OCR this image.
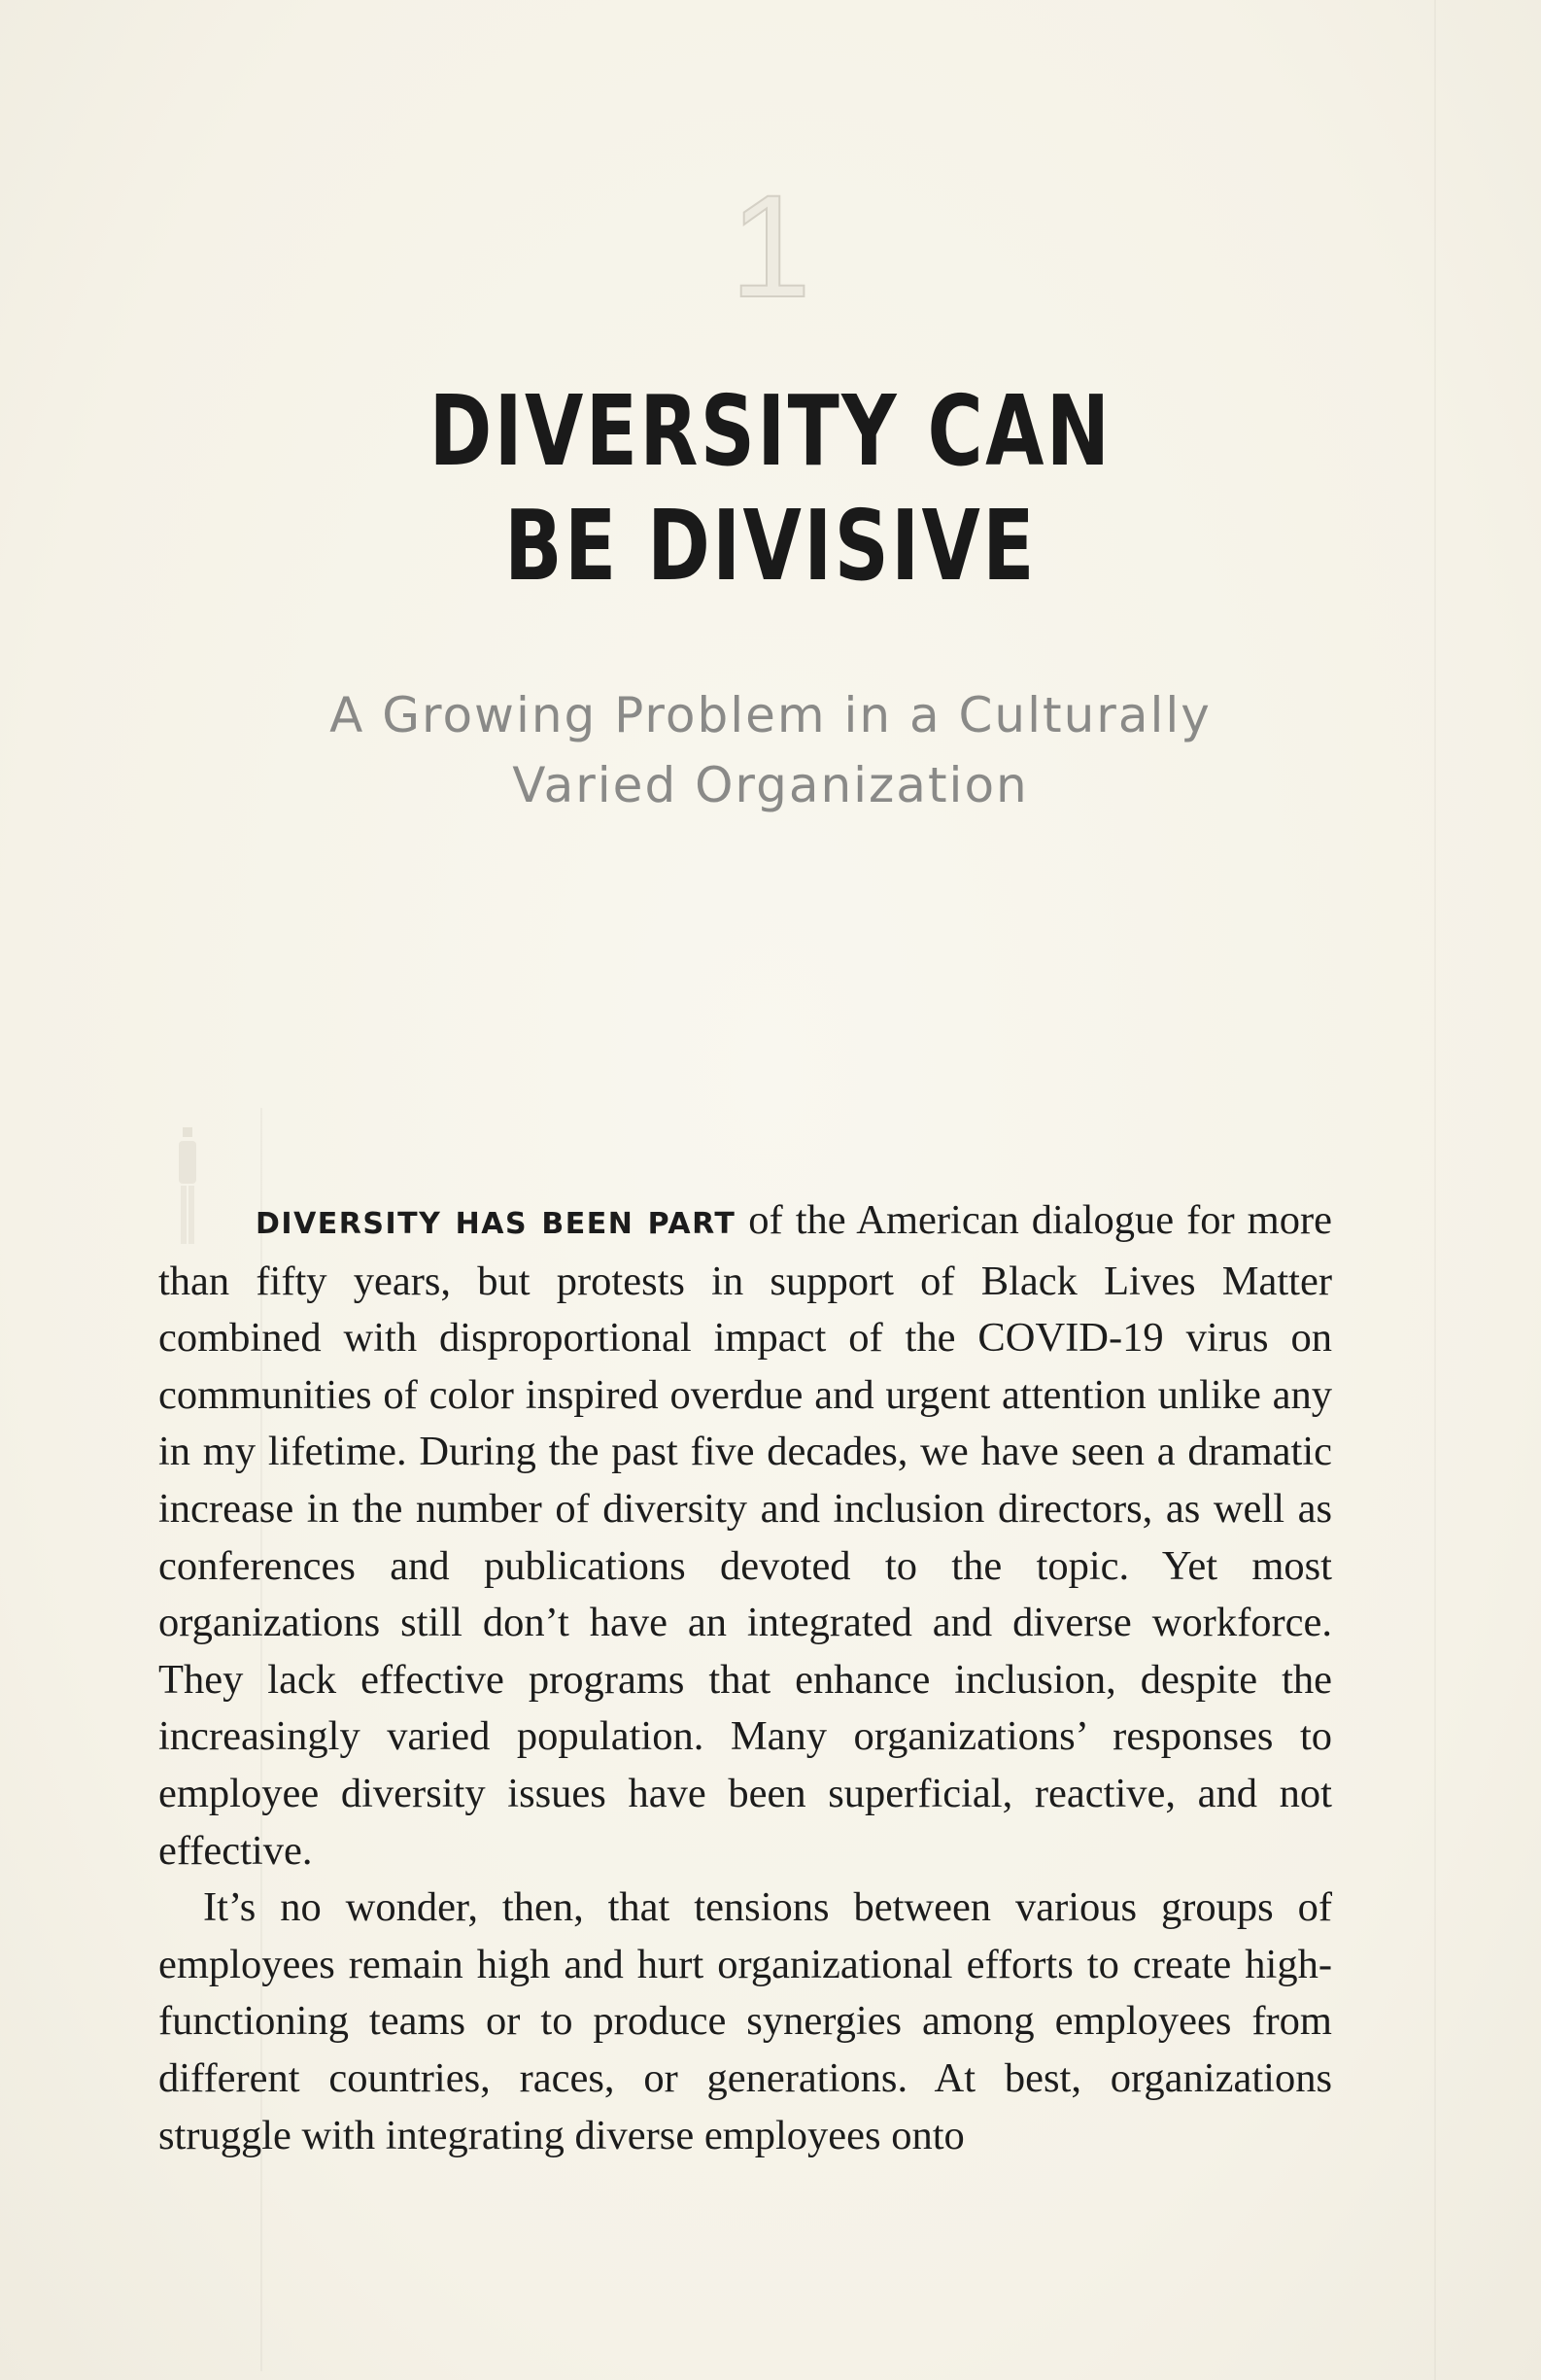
1
DIVERSITY CAN
BE DIVISIVE
A Growing Problem in a Culturally
Varied Organization

DIVERSITY HAS BEEN PART of the American dialogue for more than fifty years, but protests in support of Black Lives Matter combined with disproportional impact of the COVID-19 virus on communities of color inspired overdue and urgent attention unlike any in my lifetime. During the past five decades, we have seen a dramatic increase in the number of diversity and inclusion directors, as well as conferences and publications devoted to the topic. Yet most organizations still don’t have an integrated and diverse workforce. They lack effective programs that enhance inclusion, despite the increasingly varied population. Many organizations’ responses to employee diversity issues have been superficial, reactive, and not effective.

It’s no wonder, then, that tensions between various groups of employees remain high and hurt organizational efforts to create high-functioning teams or to produce synergies among employees from different countries, races, or generations. At best, organizations struggle with integrating diverse employees onto
